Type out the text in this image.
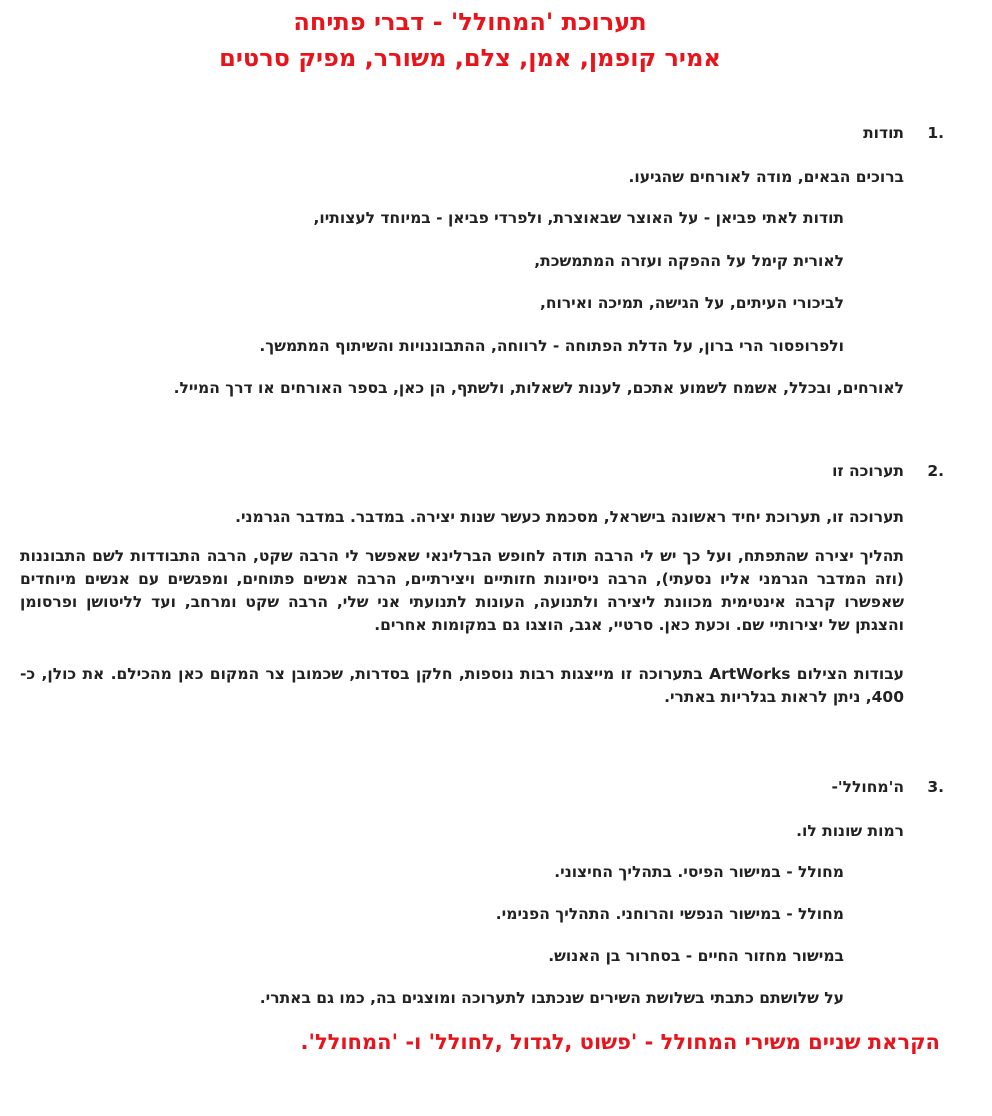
תערוכת 'המחולל' - דברי פתיחה
אמיר קופמן, אמן, צלם, משורר, מפיק סרטים
1.
תודות
ברוכים הבאים, מודה לאורחים שהגיעו.
תודות לאתי פביאן - על האוצר שבאוצרת, ולפרדי פביאן - במיוחד לעצותיו,
לאורית קימל על ההפקה ועזרה המתמשכת,
לביכורי העיתים, על הגישה, תמיכה ואירוח,
ולפרופסור הרי ברון, על הדלת הפתוחה - לרווחה, ההתבוננויות והשיתוף המתמשך.
לאורחים, ובכלל, אשמח לשמוע אתכם, לענות לשאלות, ולשתף, הן כאן, בספר האורחים או דרך המייל.
2.
תערוכה זו
תערוכה זו, תערוכת יחיד ראשונה בישראל, מסכמת כעשר שנות יצירה. במדבר. במדבר הגרמני.
תהליך יצירה שהתפתח, ועל כך יש לי הרבה תודה לחופש הברלינאי שאפשר לי הרבה שקט, הרבה התבודדות לשם התבוננות (וזה המדבר הגרמני אליו נסעתי), הרבה ניסיונות חזותיים ויצירתיים, הרבה אנשים פתוחים, ומפגשים עם אנשים מיוחדים שאפשרו קרבה אינטימית מכוונת ליצירה ולתנועה, העונות לתנועתי אני שלי, הרבה שקט ומרחב, ועד לליטושן ופרסומן והצגתן של יצירותיי שם. וכעת כאן. סרטיי, אגב, הוצגו גם במקומות אחרים.
עבודות הצילום ArtWorks בתערוכה זו מייצגות רבות נוספות, חלקן בסדרות, שכמובן צר המקום כאן מהכילם. את כולן, כ- 400, ניתן לראות בגלריות באתרי.
3.
ה'מחולל'-
רמות שונות לו.
מחולל - במישור הפיסי. בתהליך החיצוני.
מחולל - במישור הנפשי והרוחני. התהליך הפנימי.
במישור מחזור החיים - בסחרור בן האנוש.
על שלושתם כתבתי בשלושת השירים שנכתבו לתערוכה ומוצגים בה, כמו גם באתרי.
הקראת שניים משירי המחולל - 'פשוט ,לגדול ,לחולל' ו- 'המחולל'.
